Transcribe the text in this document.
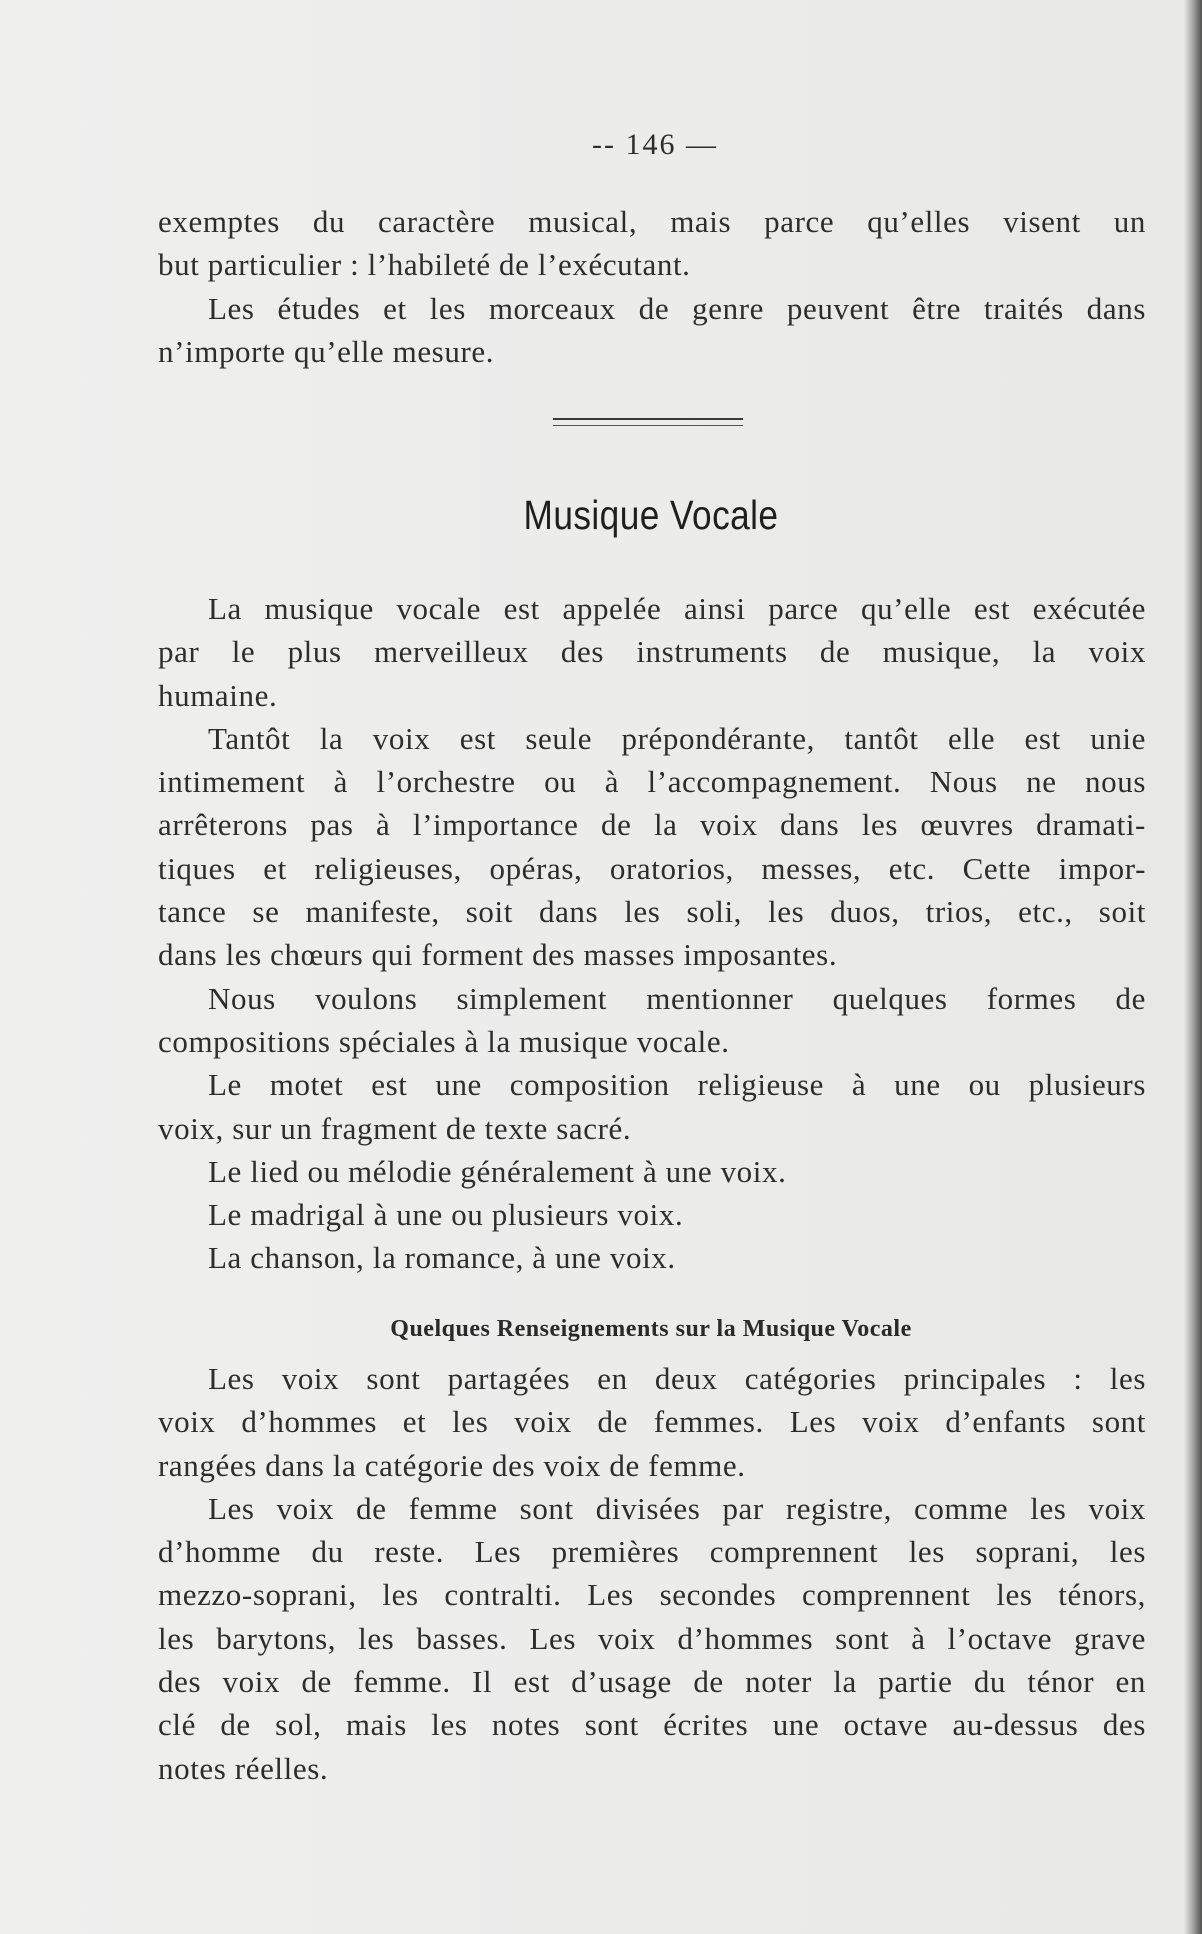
-- 146 —

exemptes du caractère musical, mais parce qu’elles visent un
but particulier : l’habileté de l’exécutant.
Les études et les morceaux de genre peuvent être traités dans
n’importe qu’elle mesure.

Musique Vocale

La musique vocale est appelée ainsi parce qu’elle est exécutée
par le plus merveilleux des instruments de musique, la voix
humaine.

Tantôt la voix est seule prépondérante, tantôt elle est unie
intimement à l’orchestre ou à l’accompagnement. Nous ne nous
arrêterons pas à l’importance de la voix dans les œuvres dramati-
tiques et religieuses, opéras, oratorios, messes, etc. Cette impor-
tance se manifeste, soit dans les soli, les duos, trios, etc., soit
dans les chœurs qui forment des masses imposantes.

Nous voulons simplement mentionner quelques formes de
compositions spéciales à la musique vocale.

Le motet est une composition religieuse à une ou plusieurs
voix, sur un fragment de texte sacré.

Le lied ou mélodie généralement à une voix.

Le madrigal à une ou plusieurs voix.

La chanson, la romance, à une voix.

Quelques Renseignements sur la Musique Vocale

Les voix sont partagées en deux catégories principales : les
voix d’hommes et les voix de femmes. Les voix d’enfants sont
rangées dans la catégorie des voix de femme.

Les voix de femme sont divisées par registre, comme les voix
d’homme du reste. Les premières comprennent les soprani, les
mezzo-soprani, les contralti. Les secondes comprennent les ténors,
les barytons, les basses. Les voix d’hommes sont à l’octave grave
des voix de femme. Il est d’usage de noter la partie du ténor en
clé de sol, mais les notes sont écrites une octave au-dessus des
notes réelles.
